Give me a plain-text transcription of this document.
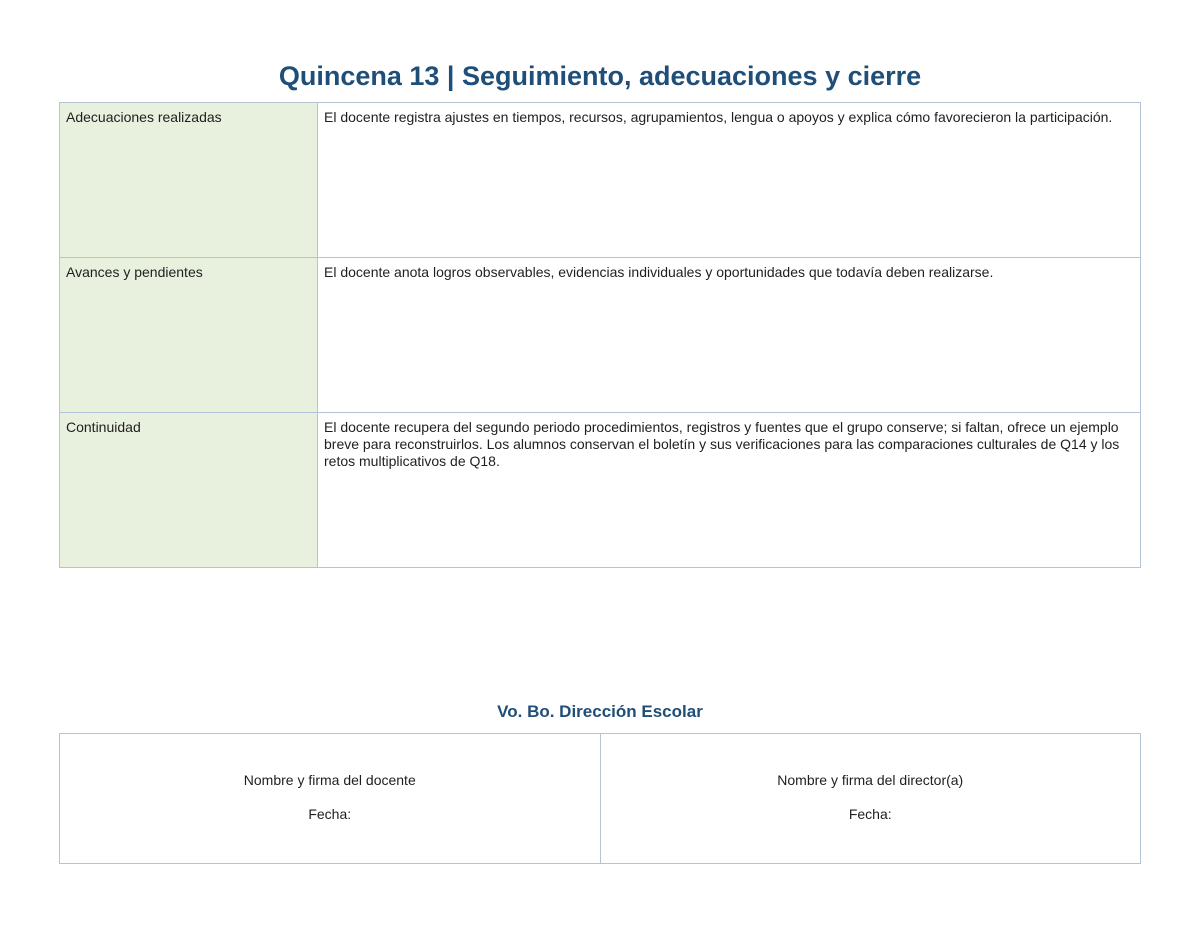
Quincena 13 | Seguimiento, adecuaciones y cierre
Adecuaciones realizadas	El docente registra ajustes en tiempos, recursos, agrupamientos, lengua o apoyos y explica cómo favorecieron la participación.
Avances y pendientes	El docente anota logros observables, evidencias individuales y oportunidades que todavía deben realizarse.
Continuidad	El docente recupera del segundo periodo procedimientos, registros y fuentes que el grupo conserve; si faltan, ofrece un ejemplo breve para reconstruirlos. Los alumnos conservan el boletín y sus verificaciones para las comparaciones culturales de Q14 y los retos multiplicativos de Q18.
Vo. Bo. Dirección Escolar
Nombre y firma del docente
Fecha:

Nombre y firma del director(a)
Fecha:
